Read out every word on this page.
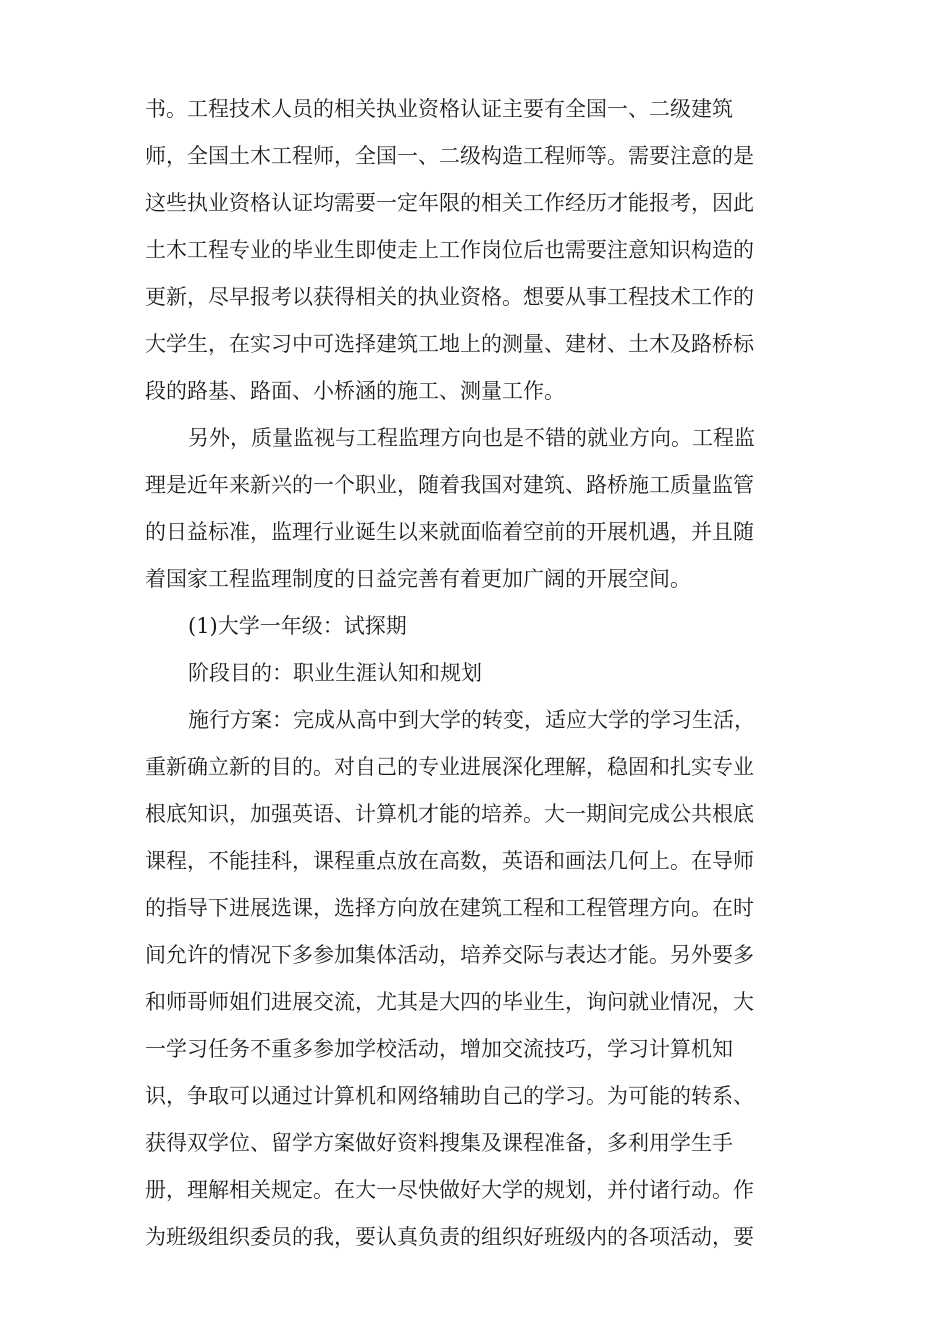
书。工程技术人员的相关执业资格认证主要有全国一、二级建筑
师，全国土木工程师，全国一、二级构造工程师等。需要注意的是
这些执业资格认证均需要一定年限的相关工作经历才能报考，因此
土木工程专业的毕业生即使走上工作岗位后也需要注意知识构造的
更新，尽早报考以获得相关的执业资格。想要从事工程技术工作的
大学生，在实习中可选择建筑工地上的测量、建材、土木及路桥标
段的路基、路面、小桥涵的施工、测量工作。
另外，质量监视与工程监理方向也是不错的就业方向。工程监
理是近年来新兴的一个职业，随着我国对建筑、路桥施工质量监管
的日益标准，监理行业诞生以来就面临着空前的开展机遇，并且随
着国家工程监理制度的日益完善有着更加广阔的开展空间。
(1)大学一年级：试探期
阶段目的：职业生涯认知和规划
施行方案：完成从高中到大学的转变，适应大学的学习生活，
重新确立新的目的。对自己的专业进展深化理解，稳固和扎实专业
根底知识，加强英语、计算机才能的培养。大一期间完成公共根底
课程，不能挂科，课程重点放在高数，英语和画法几何上。在导师
的指导下进展选课，选择方向放在建筑工程和工程管理方向。在时
间允许的情况下多参加集体活动，培养交际与表达才能。另外要多
和师哥师姐们进展交流，尤其是大四的毕业生，询问就业情况，大
一学习任务不重多参加学校活动，增加交流技巧，学习计算机知
识，争取可以通过计算机和网络辅助自己的学习。为可能的转系、
获得双学位、留学方案做好资料搜集及课程准备，多利用学生手
册，理解相关规定。在大一尽快做好大学的规划，并付诸行动。作
为班级组织委员的我，要认真负责的组织好班级内的各项活动，要
